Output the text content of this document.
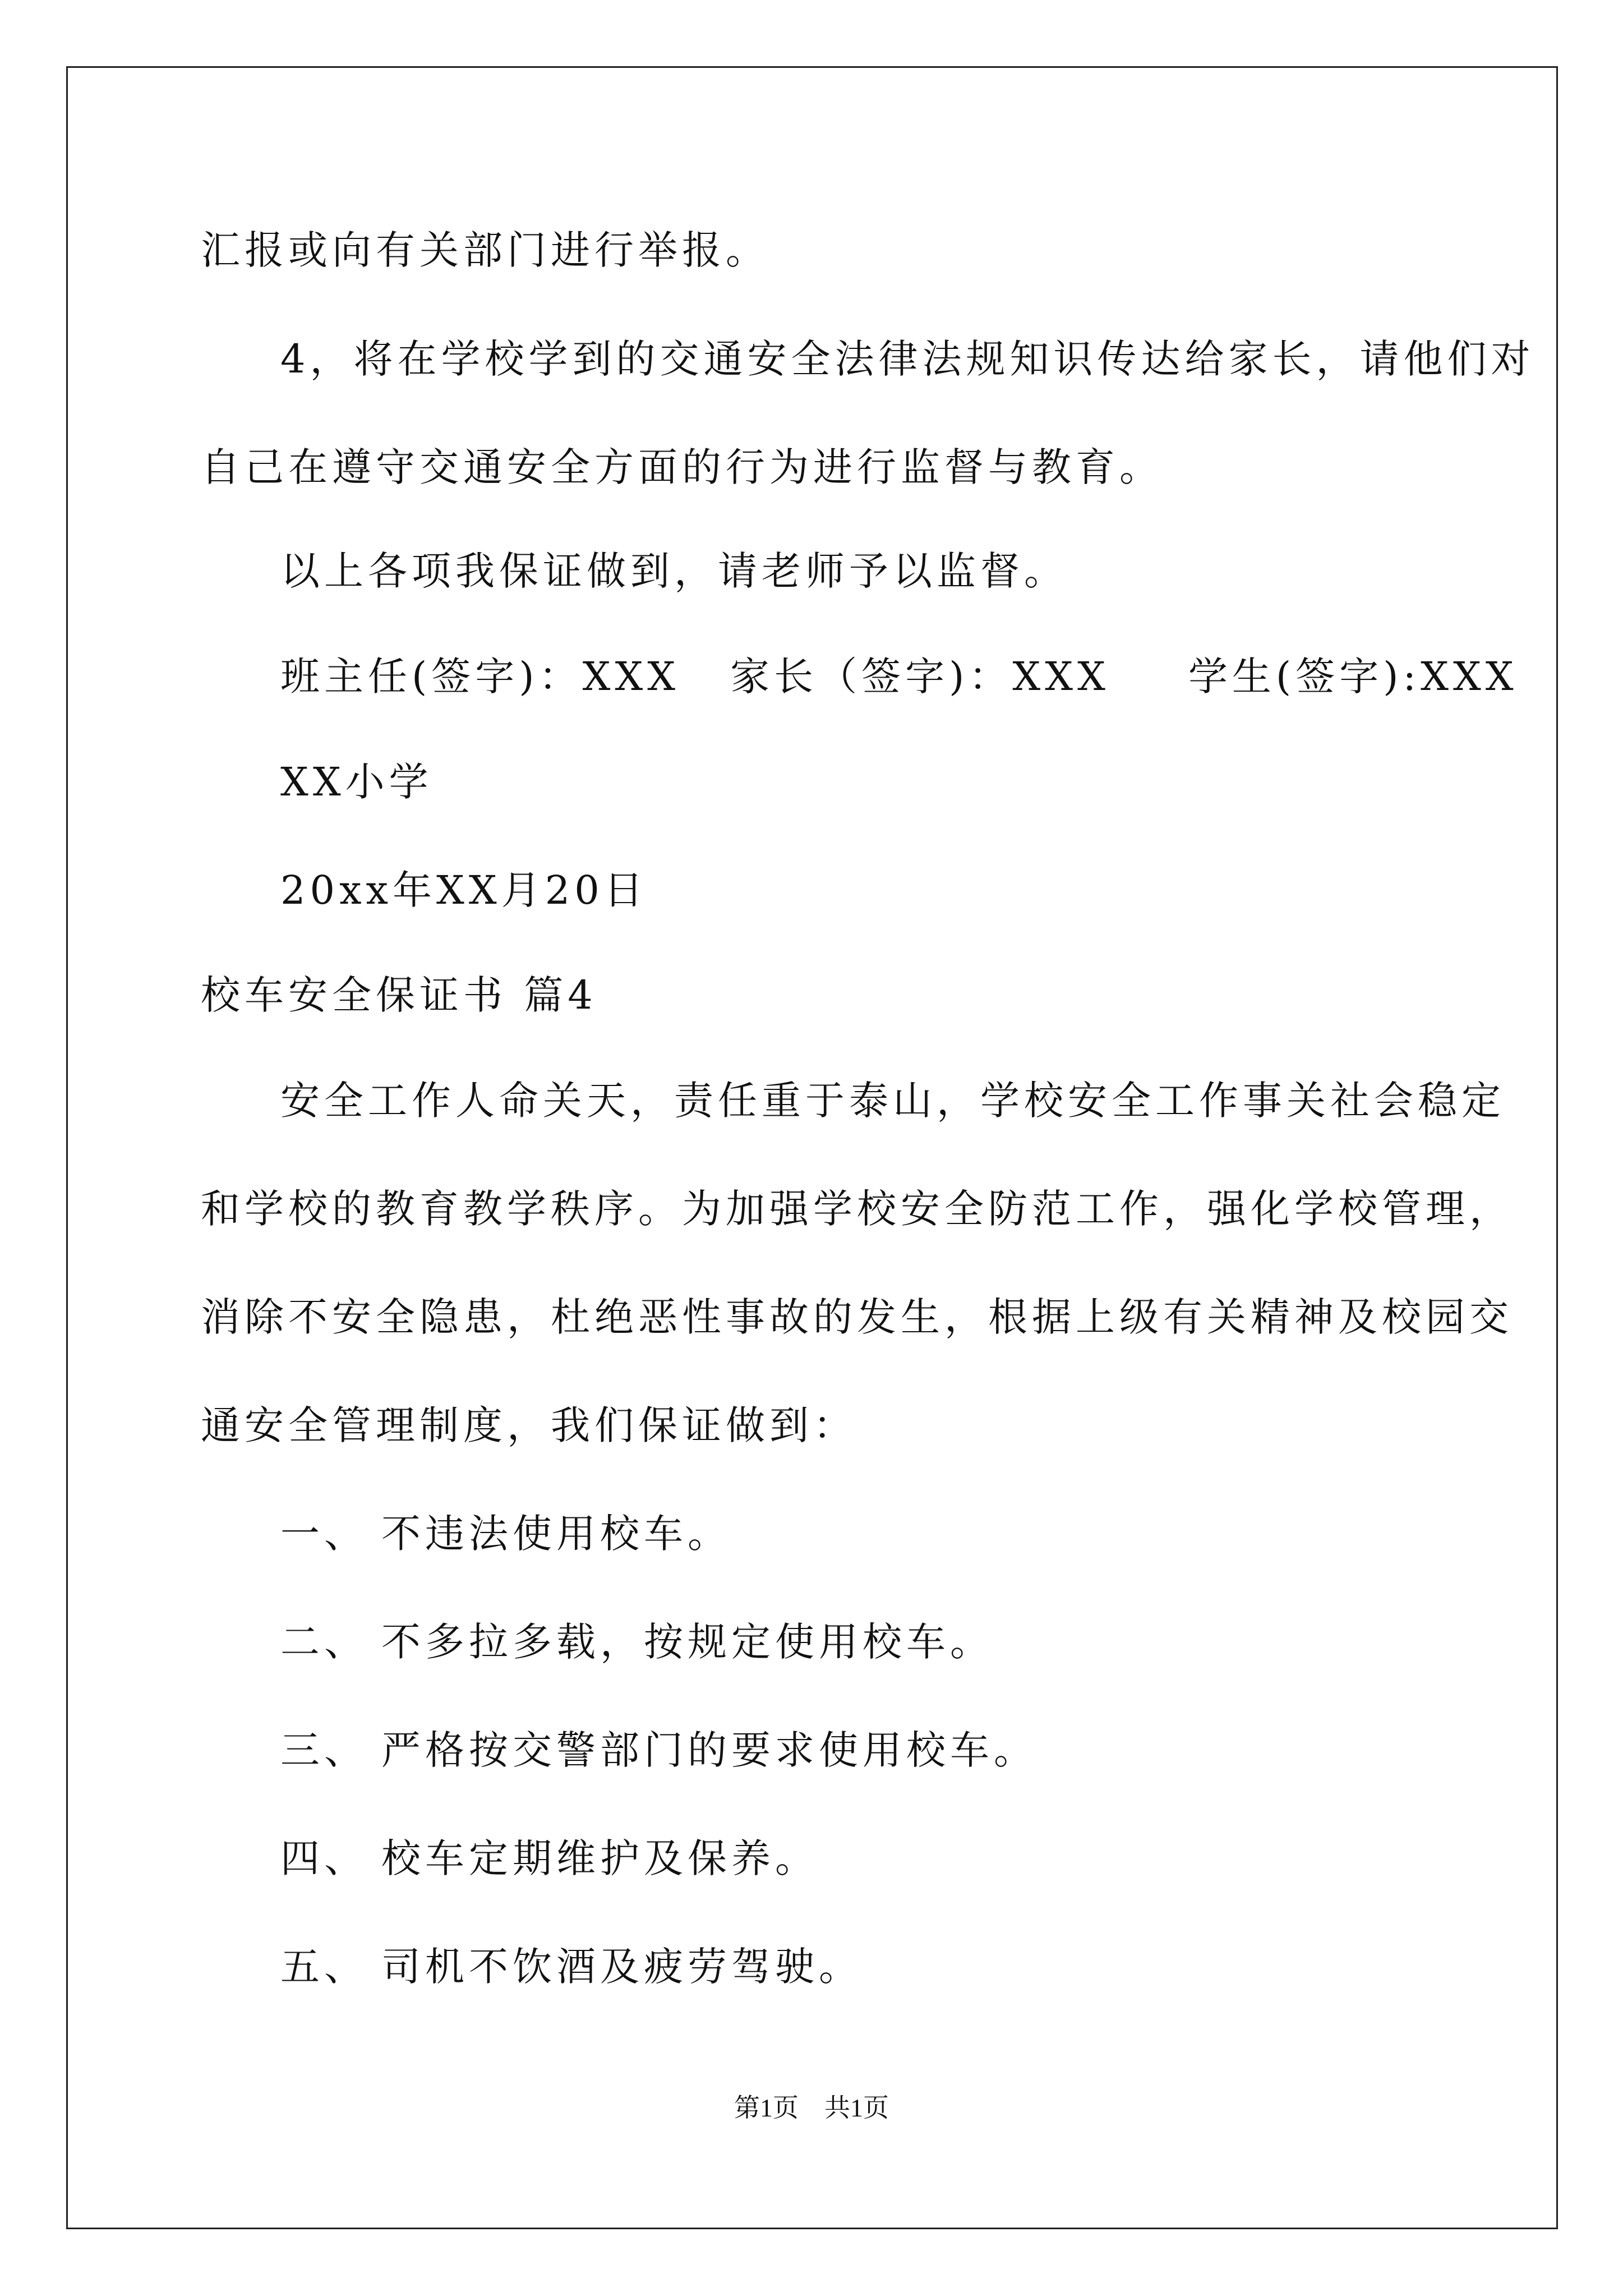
汇报或向有关部门进行举报。
4，将在学校学到的交通安全法律法规知识传达给家长，请他们对
自己在遵守交通安全方面的行为进行监督与教育。
以上各项我保证做到，请老师予以监督。
班主任(签字)：XXX 家长（签字)：XXX 学生(签字):XXX
XX小学
20xx年XX月20日
校车安全保证书 篇4
安全工作人命关天，责任重于泰山，学校安全工作事关社会稳定
和学校的教育教学秩序。为加强学校安全防范工作，强化学校管理，
消除不安全隐患，杜绝恶性事故的发生，根据上级有关精神及校园交
通安全管理制度，我们保证做到：
一、 不违法使用校车。
二、 不多拉多载，按规定使用校车。
三、 严格按交警部门的要求使用校车。
四、 校车定期维护及保养。
五、 司机不饮酒及疲劳驾驶。
第1页　共1页
